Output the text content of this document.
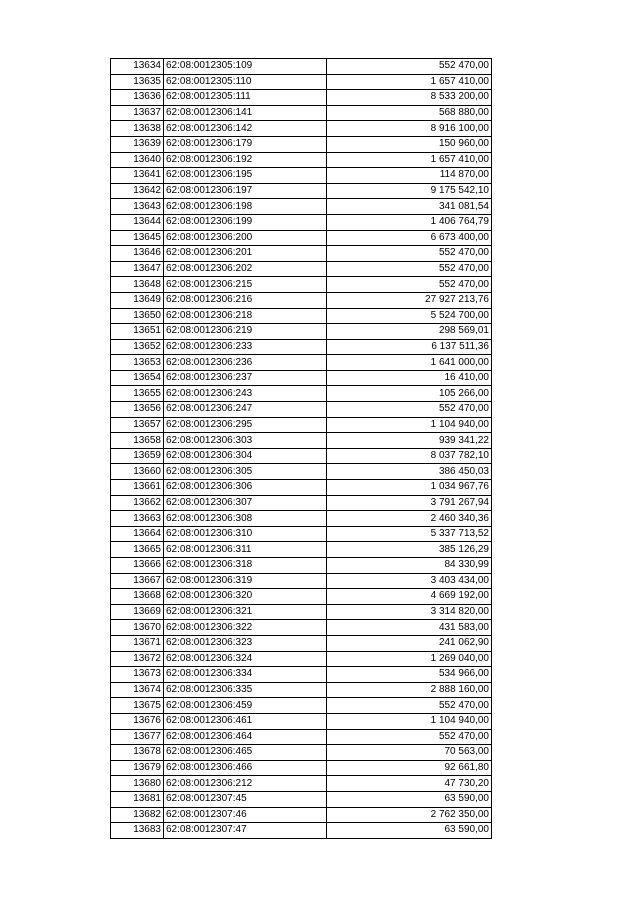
13634	62:08:0012305:109	552 470,00
13635	62:08:0012305:110	1 657 410,00
13636	62:08:0012305:111	8 533 200,00
13637	62:08:0012306:141	568 880,00
13638	62:08:0012306:142	8 916 100,00
13639	62:08:0012306:179	150 960,00
13640	62:08:0012306:192	1 657 410,00
13641	62:08:0012306:195	114 870,00
13642	62:08:0012306:197	9 175 542,10
13643	62:08:0012306:198	341 081,54
13644	62:08:0012306:199	1 406 764,79
13645	62:08:0012306:200	6 673 400,00
13646	62:08:0012306:201	552 470,00
13647	62:08:0012306:202	552 470,00
13648	62:08:0012306:215	552 470,00
13649	62:08:0012306:216	27 927 213,76
13650	62:08:0012306:218	5 524 700,00
13651	62:08:0012306:219	298 569,01
13652	62:08:0012306:233	6 137 511,36
13653	62:08:0012306:236	1 641 000,00
13654	62:08:0012306:237	16 410,00
13655	62:08:0012306:243	105 266,00
13656	62:08:0012306:247	552 470,00
13657	62:08:0012306:295	1 104 940,00
13658	62:08:0012306:303	939 341,22
13659	62:08:0012306:304	8 037 782,10
13660	62:08:0012306:305	386 450,03
13661	62:08:0012306:306	1 034 967,76
13662	62:08:0012306:307	3 791 267,94
13663	62:08:0012306:308	2 460 340,36
13664	62:08:0012306:310	5 337 713,52
13665	62:08:0012306:311	385 126,29
13666	62:08:0012306:318	84 330,99
13667	62:08:0012306:319	3 403 434,00
13668	62:08:0012306:320	4 669 192,00
13669	62:08:0012306:321	3 314 820,00
13670	62:08:0012306:322	431 583,00
13671	62:08:0012306:323	241 062,90
13672	62:08:0012306:324	1 269 040,00
13673	62:08:0012306:334	534 966,00
13674	62:08:0012306:335	2 888 160,00
13675	62:08:0012306:459	552 470,00
13676	62:08:0012306:461	1 104 940,00
13677	62:08:0012306:464	552 470,00
13678	62:08:0012306:465	70 563,00
13679	62:08:0012306:466	92 661,80
13680	62:08:0012306:212	47 730,20
13681	62:08:0012307:45	63 590,00
13682	62:08:0012307:46	2 762 350,00
13683	62:08:0012307:47	63 590,00
